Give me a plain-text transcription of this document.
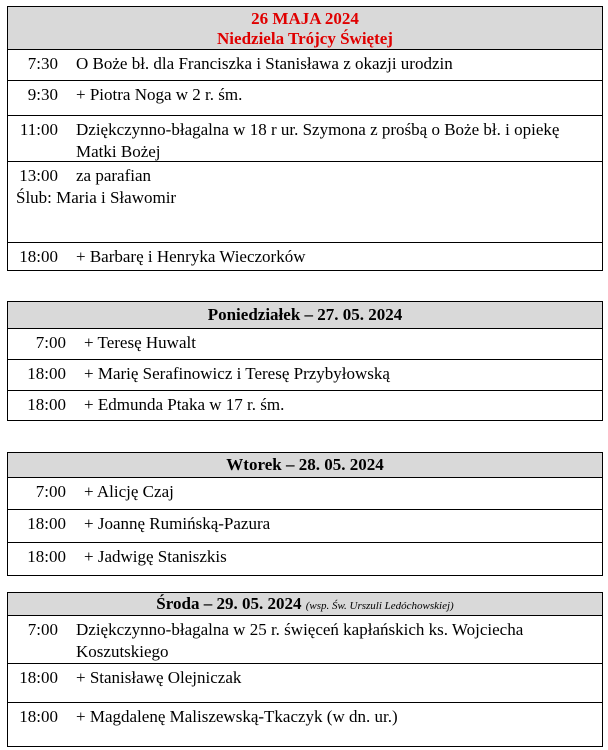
26 MAJA 2024
Niedziela Trójcy Świętej
7:30 O Boże bł. dla Franciszka i Stanisława z okazji urodzin
9:30 + Piotra Noga w 2 r. śm.
11:00 Dziękczynno-błagalna w 18 r ur. Szymona z prośbą o Boże bł. i opiekę Matki Bożej
13:00 za parafian
Ślub: Maria i Sławomir
18:00 + Barbarę i Henryka Wieczorków
Poniedziałek – 27. 05. 2024
7:00 + Teresę Huwalt
18:00 + Marię Serafinowicz i Teresę Przybyłowską
18:00 + Edmunda Ptaka w 17 r. śm.
Wtorek – 28. 05. 2024
7:00 + Alicję Czaj
18:00 + Joannę Rumińską-Pazura
18:00 + Jadwigę Staniszkis
Środa – 29. 05. 2024 (wsp. Św. Urszuli Ledóchowskiej)
7:00 Dziękczynno-błagalna w 25 r. święceń kapłańskich ks. Wojciecha Koszutskiego
18:00 + Stanisławę Olejniczak
18:00 + Magdalenę Maliszewską-Tkaczyk (w dn. ur.)
